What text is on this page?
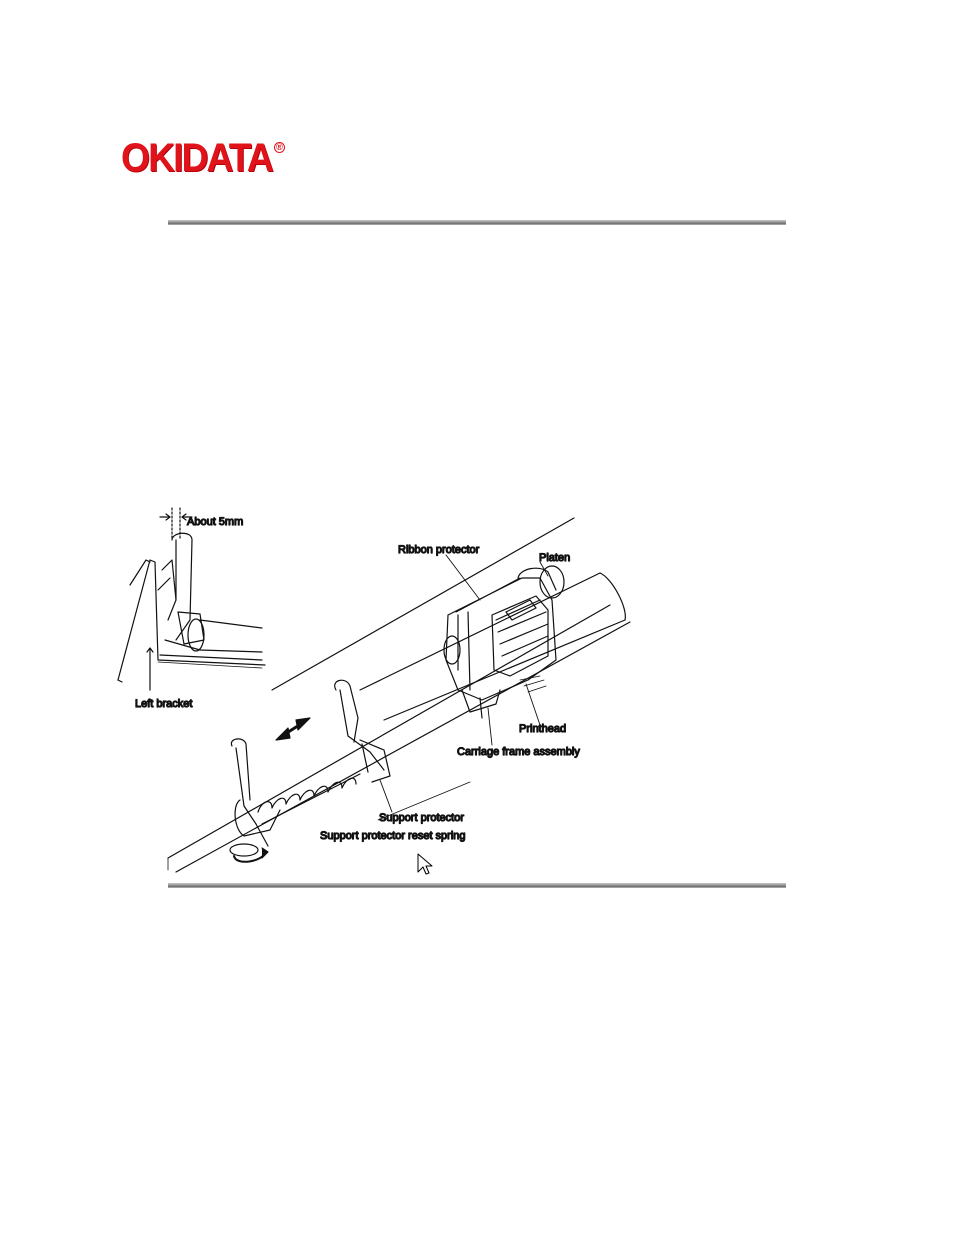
OKIDATA ®
About 5mm
Left bracket
Ribbon protector
Platen
Printhead
Carriage frame assembly
Support protector
Support protector reset spring
